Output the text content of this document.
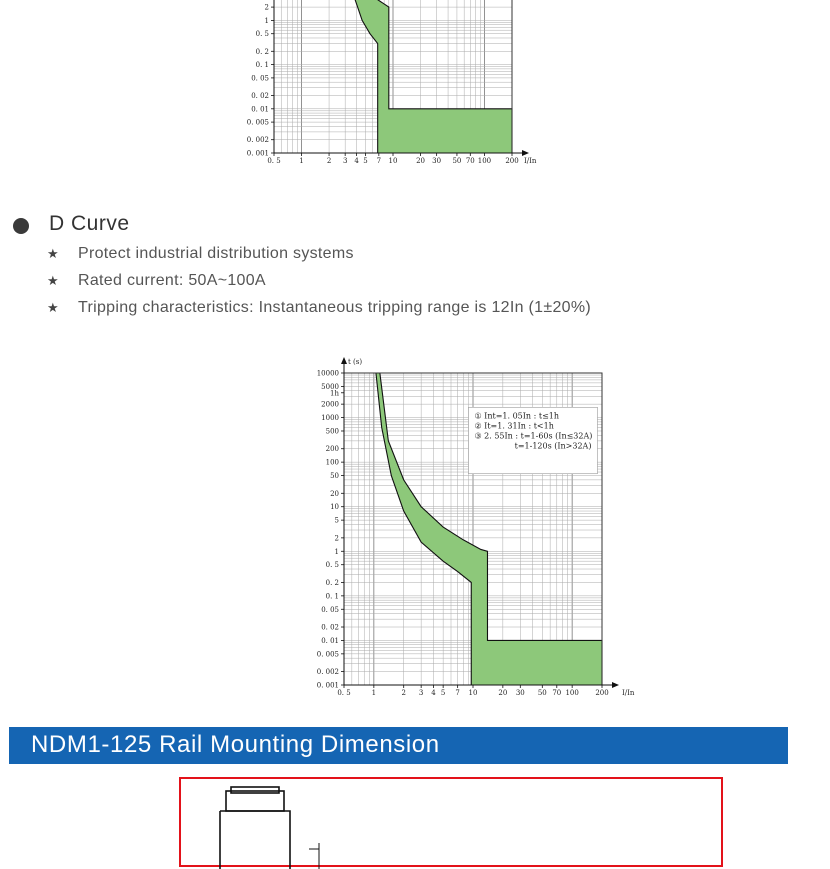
2
1
0. 5
0. 2
0. 1
0. 05
0. 02
0. 01
0. 005
0. 002
0. 001
0. 5	1	2 3 4 5 7 10	20 30 50 70 100 200 I/In
D Curve
★ Protect industrial distribution systems
★ Rated current: 50A~100A
★ Tripping characteristics: Instantaneous tripping range is 12In (1±20%)
10000
5000
1h
2000
1000
500
200
100
50
20
10
5
2
1
0. 5
0. 2
0. 1
0. 05
0. 02
0. 01
0. 005
0. 002
0. 001
0. 5	1	2 3 4 5 7 10	20 30 50 70 100 200
t (s)
I/In
① Int=1. 05In : t≤1h
② It=1. 31In : t<1h
③ 2. 55In : t=1-60s (In≤32A)
t=1-120s (In>32A)
NDM1-125 Rail Mounting Dimension
